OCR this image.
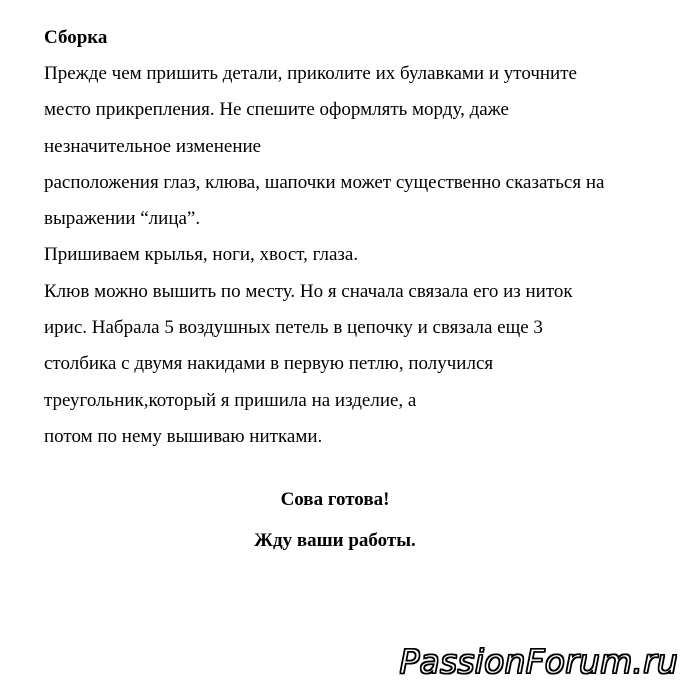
Сборка
Прежде чем пришить детали, приколите их булавками и уточните
место прикрепления. Не спешите оформлять морду, даже
незначительное изменение
расположения глаз, клюва, шапочки может существенно сказаться на
выражении “лица”.
Пришиваем крылья, ноги, хвост, глаза.
Клюв можно вышить по месту. Но я сначала связала его из ниток
ирис. Набрала 5 воздушных петель в цепочку и связала еще 3
столбика с двумя накидами в первую петлю, получился
треугольник,который я пришила на изделие, а
потом по нему вышиваю нитками.
Сова готова!
Жду ваши работы.
PassionForum.ru
